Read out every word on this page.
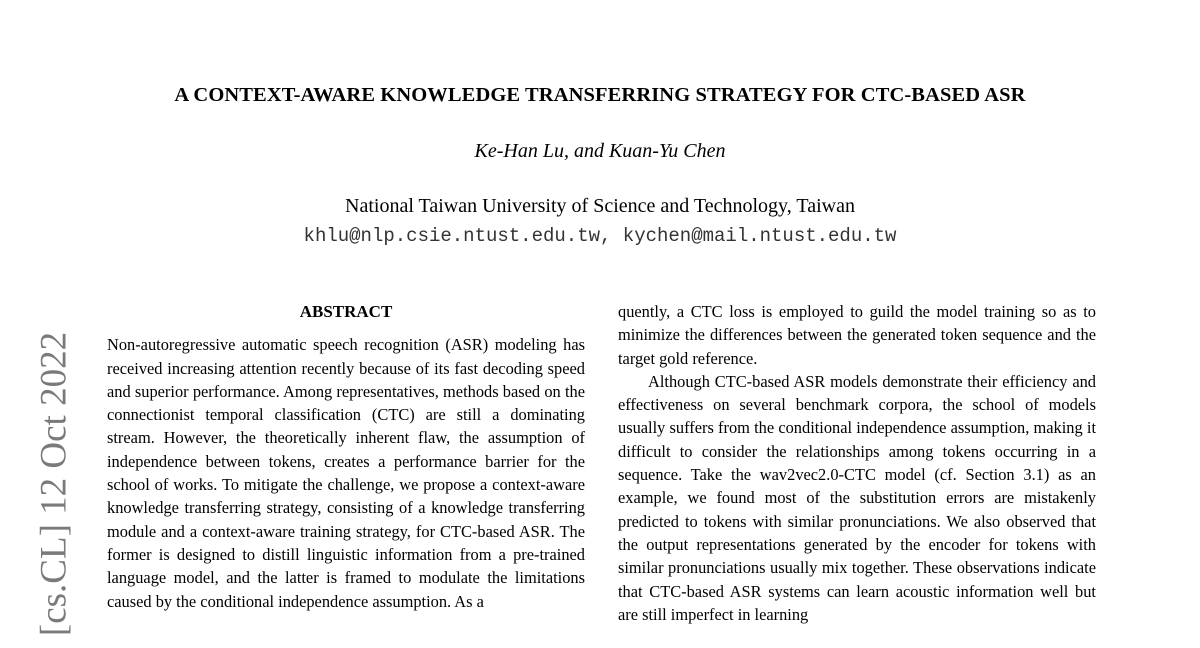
[cs.CL] 12 Oct 2022
A CONTEXT-AWARE KNOWLEDGE TRANSFERRING STRATEGY FOR CTC-BASED ASR
Ke-Han Lu, and Kuan-Yu Chen
National Taiwan University of Science and Technology, Taiwan
khlu@nlp.csie.ntust.edu.tw, kychen@mail.ntust.edu.tw
ABSTRACT

Non-autoregressive automatic speech recognition (ASR) modeling has received increasing attention recently because of its fast decoding speed and superior performance. Among representatives, methods based on the connectionist temporal classification (CTC) are still a dominating stream. However, the theoretically inherent flaw, the assumption of independence between tokens, creates a performance barrier for the school of works. To mitigate the challenge, we propose a context-aware knowledge transferring strategy, consisting of a knowledge transferring module and a context-aware training strategy, for CTC-based ASR. The former is designed to distill linguistic information from a pre-trained language model, and the latter is framed to modulate the limitations caused by the conditional independence assumption. As a

quently, a CTC loss is employed to guild the model training so as to minimize the differences between the generated token sequence and the target gold reference.

Although CTC-based ASR models demonstrate their efficiency and effectiveness on several benchmark corpora, the school of models usually suffers from the conditional independence assumption, making it difficult to consider the relationships among tokens occurring in a sequence. Take the wav2vec2.0-CTC model (cf. Section 3.1) as an example, we found most of the substitution errors are mistakenly predicted to tokens with similar pronunciations. We also observed that the output representations generated by the encoder for tokens with similar pronunciations usually mix together. These observations indicate that CTC-based ASR systems can learn acoustic information well but are still imperfect in learning
